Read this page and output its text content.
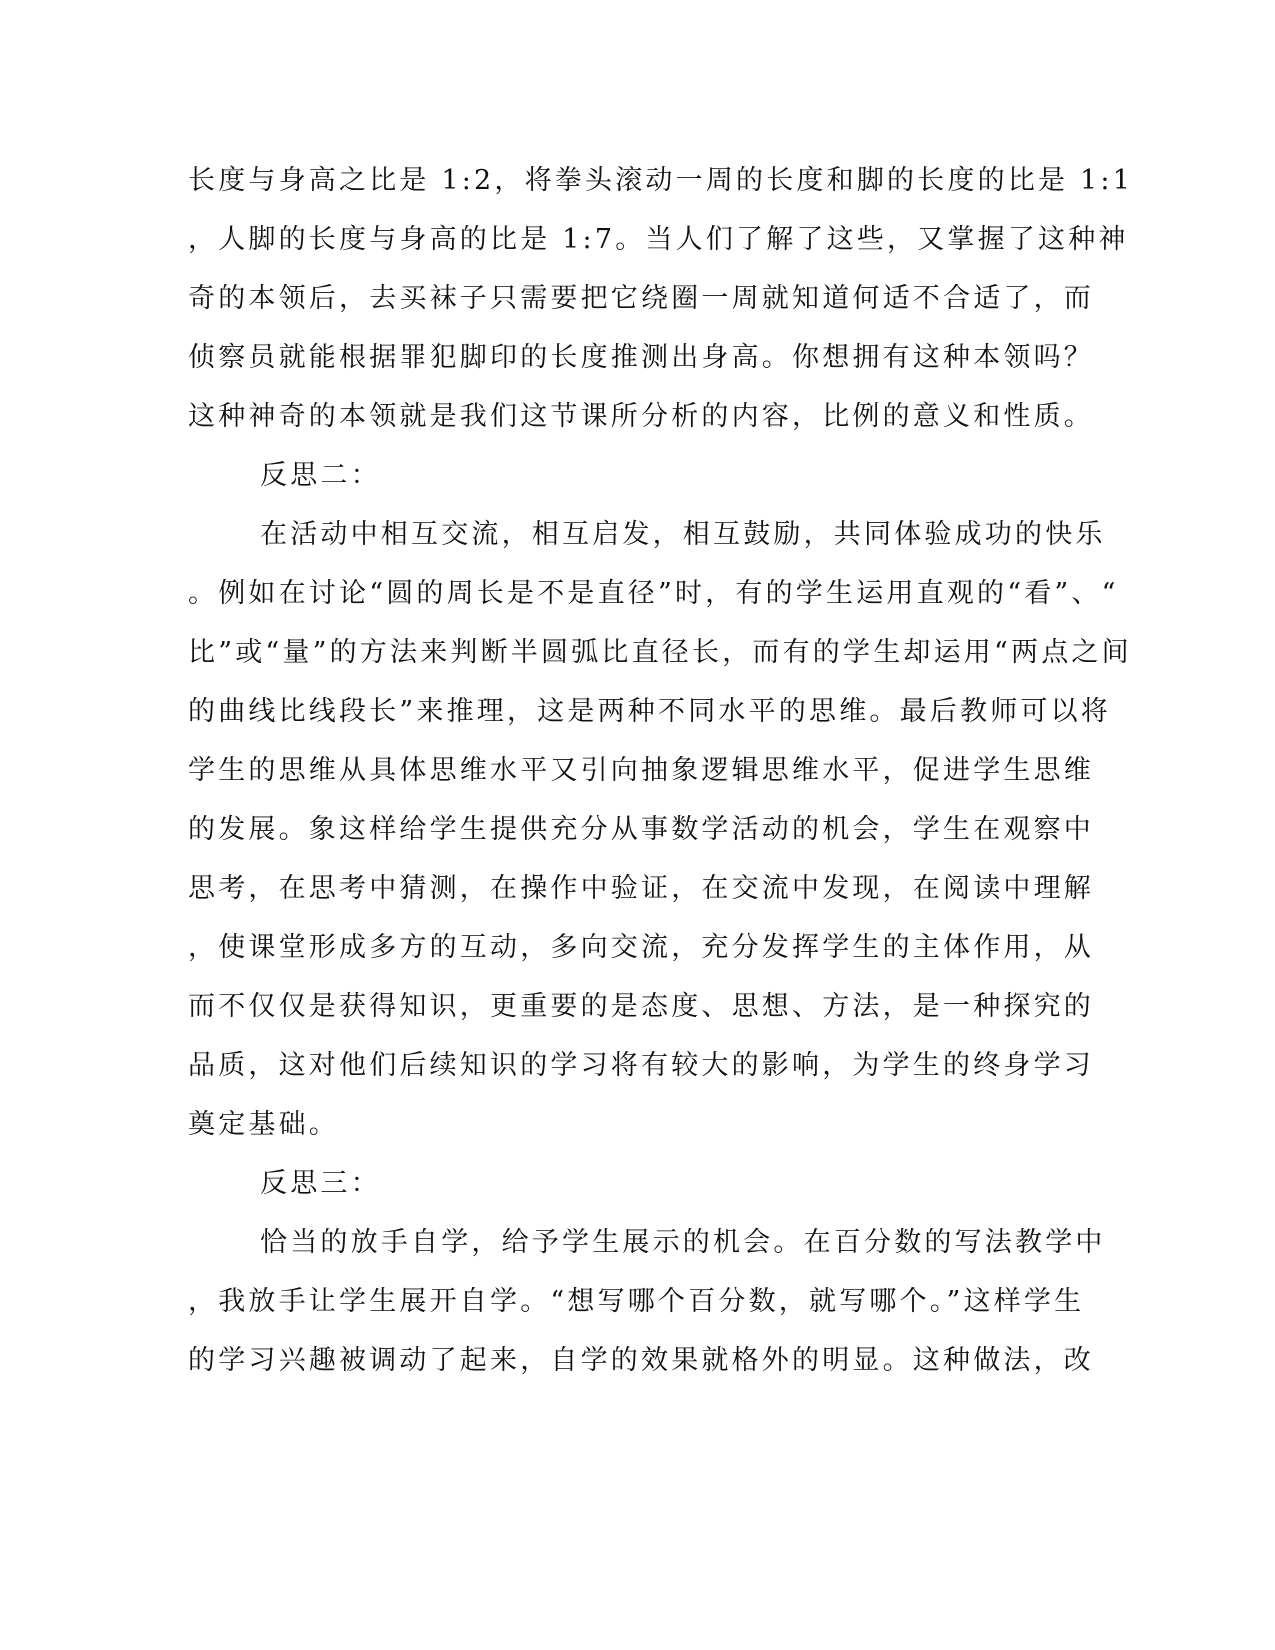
长度与身高之比是 1:2，将拳头滚动一周的长度和脚的长度的比是 1:1
，人脚的长度与身高的比是 1:7。当人们了解了这些，又掌握了这种神
奇的本领后，去买袜子只需要把它绕圈一周就知道何适不合适了，而
侦察员就能根据罪犯脚印的长度推测出身高。你想拥有这种本领吗？
这种神奇的本领就是我们这节课所分析的内容，比例的意义和性质。
反思二：
在活动中相互交流，相互启发，相互鼓励，共同体验成功的快乐
。例如在讨论“圆的周长是不是直径”时，有的学生运用直观的“看”、“
比”或“量”的方法来判断半圆弧比直径长，而有的学生却运用“两点之间
的曲线比线段长”来推理，这是两种不同水平的思维。最后教师可以将
学生的思维从具体思维水平又引向抽象逻辑思维水平，促进学生思维
的发展。象这样给学生提供充分从事数学活动的机会，学生在观察中
思考，在思考中猜测，在操作中验证，在交流中发现，在阅读中理解
，使课堂形成多方的互动，多向交流，充分发挥学生的主体作用，从
而不仅仅是获得知识，更重要的是态度、思想、方法，是一种探究的
品质，这对他们后续知识的学习将有较大的影响，为学生的终身学习
奠定基础。
反思三：
恰当的放手自学，给予学生展示的机会。在百分数的写法教学中
，我放手让学生展开自学。“想写哪个百分数，就写哪个。”这样学生
的学习兴趣被调动了起来，自学的效果就格外的明显。这种做法，改
